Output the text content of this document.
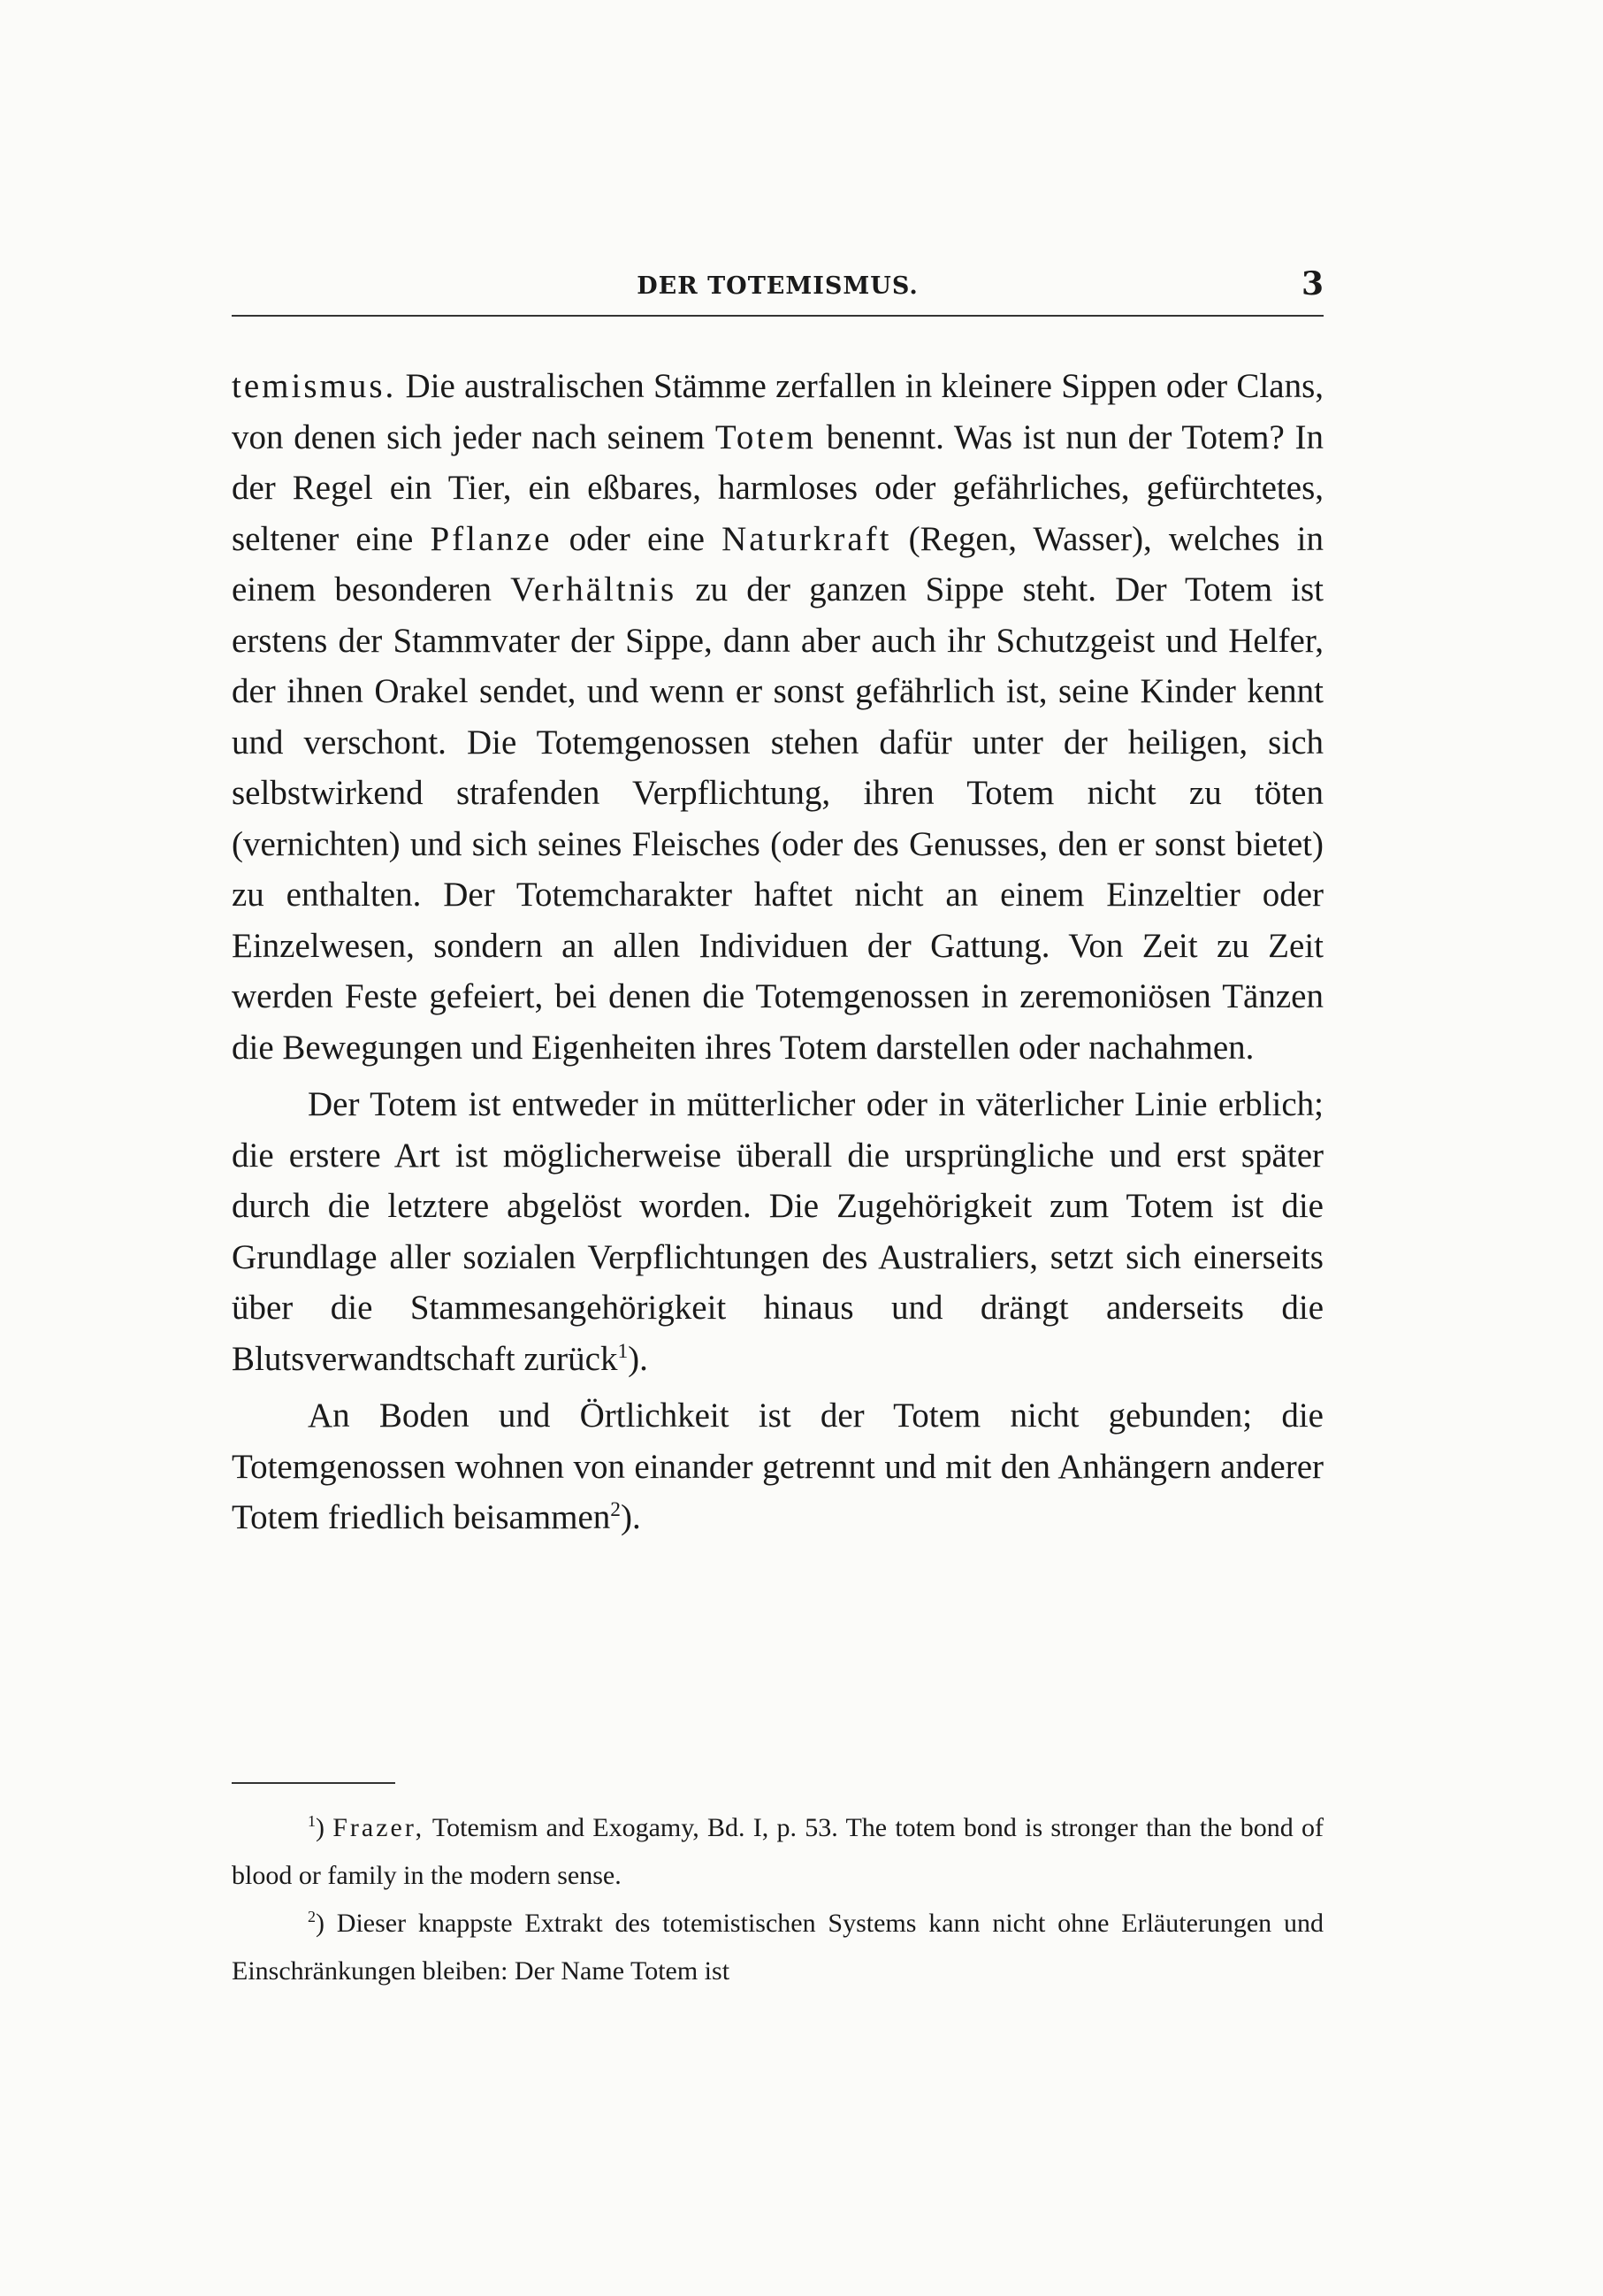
DER TOTEMISMUS.	3

temismus. Die australischen Stämme zerfallen in kleinere Sippen oder Clans, von denen sich jeder nach seinem Totem benennt. Was ist nun der Totem? In der Regel ein Tier, ein eßbares, harmloses oder gefährliches, gefürchtetes, seltener eine Pflanze oder eine Naturkraft (Regen, Wasser), welches in einem besonderen Verhältnis zu der ganzen Sippe steht. Der Totem ist erstens der Stammvater der Sippe, dann aber auch ihr Schutzgeist und Helfer, der ihnen Orakel sendet, und wenn er sonst gefährlich ist, seine Kinder kennt und verschont. Die Totemgenossen stehen dafür unter der heiligen, sich selbstwirkend strafenden Verpflichtung, ihren Totem nicht zu töten (vernichten) und sich seines Fleisches (oder des Genusses, den er sonst bietet) zu enthalten. Der Totemcharakter haftet nicht an einem Einzeltier oder Einzelwesen, sondern an allen Individuen der Gattung. Von Zeit zu Zeit werden Feste gefeiert, bei denen die Totemgenossen in zeremoniösen Tänzen die Bewegungen und Eigenheiten ihres Totem darstellen oder nachahmen.

Der Totem ist entweder in mütterlicher oder in väterlicher Linie erblich; die erstere Art ist möglicherweise überall die ursprüngliche und erst später durch die letztere abgelöst worden. Die Zugehörigkeit zum Totem ist die Grundlage aller sozialen Verpflichtungen des Australiers, setzt sich einerseits über die Stammesangehörigkeit hinaus und drängt anderseits die Blutsverwandtschaft zurück$^1$).

An Boden und Örtlichkeit ist der Totem nicht gebunden; die Totemgenossen wohnen von einander getrennt und mit den Anhängern anderer Totem friedlich beisammen$^2$).

$^1$) Frazer, Totemism and Exogamy, Bd. I, p. 53. The totem bond is stronger than the bond of blood or family in the modern sense.

$^2$) Dieser knappste Extrakt des totemistischen Systems kann nicht ohne Erläuterungen und Einschränkungen bleiben: Der Name Totem ist
